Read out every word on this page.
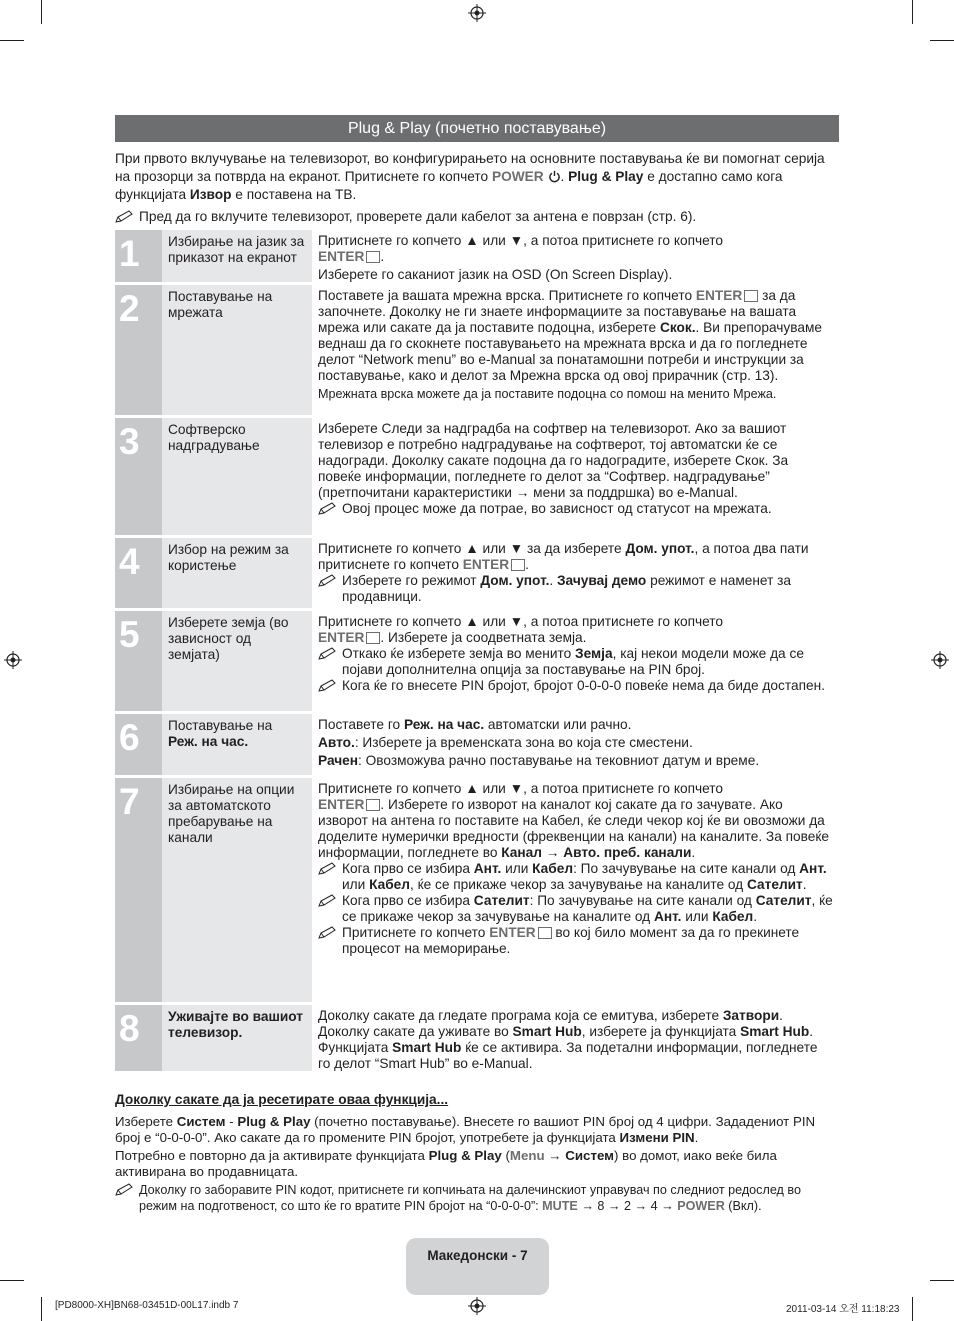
Plug & Play (почетно поставување)
При првото вклучување на телевизорот, во конфигурирањето на основните поставувања ќе ви помогнат серија на прозорци за потврда на екранот. Притиснете го копчето POWER . Plug & Play е достапно само кога функцијата Извор е поставена на ТВ.
Пред да го вклучите телевизорот, проверете дали кабелот за антена е поврзан (стр. 6).
1	Избирање на јазик за приказот на екранот

Притиснете го копчето ▲ или ▼, а потоа притиснете го копчето
ENTER .

Изберете го саканиот јазик на OSD (On Screen Display).

2	Поставување на мрежата

Поставете ја вашата мрежна врска. Притиснете го копчето ENTER за да започнете. Доколку не ги знаете информациите за поставување на вашата мрежа или сакате да ја поставите подоцна, изберете Скок.. Ви препорачуваме веднаш да го скокнете поставувањето на мрежната врска и да го погледнете делот “Network menu” во e-Manual за понатамошни потреби и инструкции за поставување, како и делот за Мрежна врска од овој прирачник (стр. 13).

Мрежната врска можете да ја поставите подоцна со помош на менито Мрежа.

3	Софтверско надградување

Изберете Следи за надградба на софтвер на телевизорот. Ако за вашиот телевизор е потребно надградување на софтверот, тој автоматски ќе се надогради. Доколку сакате подоцна да го надоградите, изберете Скок. За повеќе информации, погледнете го делот за “Софтвер. надградување” (претпочитани карактеристики → мени за поддршка) во e-Manual.

Овој процес може да потрае, во зависност од статусот на мрежата.
4	Избор на режим за користење

Притиснете го копчето ▲ или ▼ за да изберете Дом. упот., а потоа два пати притиснете го копчето ENTER .

Изберете го режимот Дом. упот.. Зачувај демо режимот е наменет за продавници.
5	Изберете земја (во зависност од земјата)

Притиснете го копчето ▲ или ▼, а потоа притиснете го копчето
ENTER . Изберете ја соодветната земја.

Откако ќе изберете земја во менито Земја, кај некои модели може да се појави дополнителна опција за поставување на PIN број.
Кога ќе го внесете PIN бројот, бројот 0-0-0-0 повеќе нема да биде достапен.
6	Поставување на
Реж. на час.

Поставете го Реж. на час. автоматски или рачно.

Авто.: Изберете ја временската зона во која сте сместени.

Рачен: Овозможува рачно поставување на тековниот датум и време.

7	Избирање на опции за автоматското пребарување на канали

Притиснете го копчето ▲ или ▼, а потоа притиснете го копчето
ENTER . Изберете го изворот на каналот кој сакате да го зачувате. Ако изворот на антена го поставите на Кабел, ќе следи чекор кој ќе ви овозможи да доделите нумерички вредности (фреквенции на канали) на каналите. За повеќе информации, погледнете во Канал → Авто. преб. канали.

Кога прво се избира Ант. или Кабел: По зачувување на сите канали од Ант. или Кабел, ќе се прикаже чекор за зачувување на каналите од Сателит.
Кога прво се избира Сателит: По зачувување на сите канали од Сателит, ќе се прикаже чекор за зачувување на каналите од Ант. или Кабел.
Притиснете го копчето ENTER во кој било момент за да го прекинете процесот на меморирање.
8	Уживајте во вашиот телевизор.

Доколку сакате да гледате програма која се емитува, изберете Затвори. Доколку сакате да уживате во Smart Hub, изберете ја функцијата Smart Hub. Функцијата Smart Hub ќе се активира. За подетални информации, погледнете го делот “Smart Hub” во e-Manual.

Доколку сакате да ја ресетирате оваа функција...

Изберете Систем - Plug & Play (почетно поставување). Внесете го вашиот PIN број од 4 цифри. Зададениот PIN број е “0-0-0-0”. Ако сакате да го промените PIN бројот, употребете ја функцијата Измени PIN.

Потребно е повторно да ја активирате функцијата Plug & Play (Menu → Систем) во домот, иако веќе била активирана во продавницата.

Доколку го заборавите PIN кодот, притиснете ги копчињата на далечинскиот управувач по следниот редослед во режим на подготвеност, со што ќе го вратите PIN бројот на “0-0-0-0”: MUTE → 8 → 2 → 4 → POWER (Вкл).
Македонски - 7
[PD8000-XH]BN68-03451D-00L17.indb 7	2011-03-14 오전 11:18:23
